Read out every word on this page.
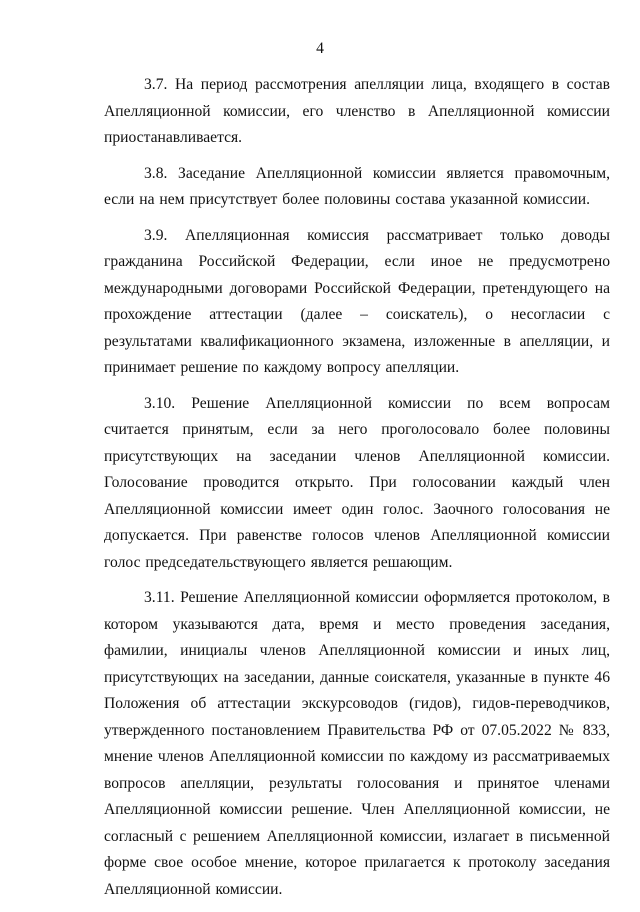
4

3.7. На период рассмотрения апелляции лица, входящего в состав Апелляционной комиссии, его членство в Апелляционной комиссии приостанавливается.

3.8. Заседание Апелляционной комиссии является правомочным, если на нем присутствует более половины состава указанной комиссии.

3.9. Апелляционная комиссия рассматривает только доводы гражданина Российской Федерации, если иное не предусмотрено международными договорами Российской Федерации, претендующего на прохождение аттестации (далее – соискатель), о несогласии с результатами квалификационного экзамена, изложенные в апелляции, и принимает решение по каждому вопросу апелляции.

3.10. Решение Апелляционной комиссии по всем вопросам считается принятым, если за него проголосовало более половины присутствующих на заседании членов Апелляционной комиссии. Голосование проводится открыто. При голосовании каждый член Апелляционной комиссии имеет один голос. Заочного голосования не допускается. При равенстве голосов членов Апелляционной комиссии голос председательствующего является решающим.

3.11. Решение Апелляционной комиссии оформляется протоколом, в котором указываются дата, время и место проведения заседания, фамилии, инициалы членов Апелляционной комиссии и иных лиц, присутствующих на заседании, данные соискателя, указанные в пункте 46 Положения об аттестации экскурсоводов (гидов), гидов-переводчиков, утвержденного постановлением Правительства РФ от 07.05.2022 № 833, мнение членов Апелляционной комиссии по каждому из рассматриваемых вопросов апелляции, результаты голосования и принятое членами Апелляционной комиссии решение. Член Апелляционной комиссии, не согласный с решением Апелляционной комиссии, излагает в письменной форме свое особое мнение, которое прилагается к протоколу заседания Апелляционной комиссии.
